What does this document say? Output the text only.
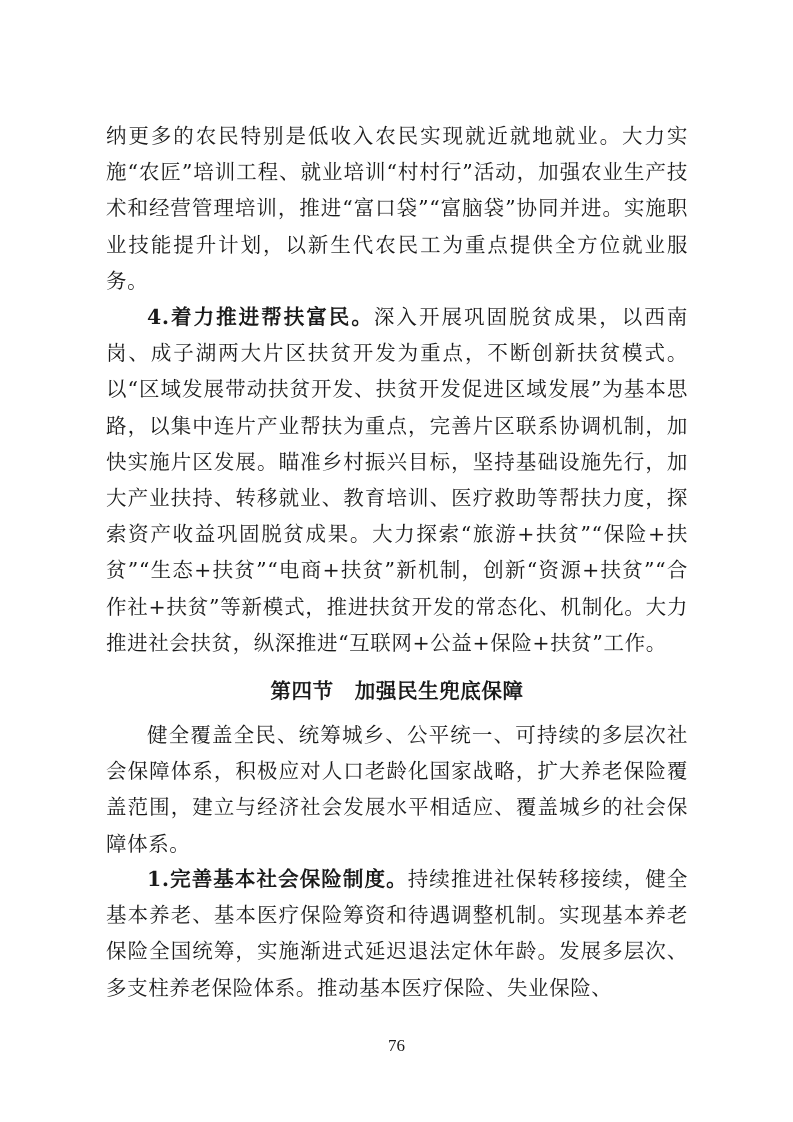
纳更多的农民特别是低收入农民实现就近就地就业。大力实施“农匠”培训工程、就业培训“村村行”活动，加强农业生产技术和经营管理培训，推进“富口袋”“富脑袋”协同并进。实施职业技能提升计划，以新生代农民工为重点提供全方位就业服务。

4.着力推进帮扶富民。深入开展巩固脱贫成果，以西南岗、成子湖两大片区扶贫开发为重点，不断创新扶贫模式。以“区域发展带动扶贫开发、扶贫开发促进区域发展”为基本思路，以集中连片产业帮扶为重点，完善片区联系协调机制，加快实施片区发展。瞄准乡村振兴目标，坚持基础设施先行，加大产业扶持、转移就业、教育培训、医疗救助等帮扶力度，探索资产收益巩固脱贫成果。大力探索“旅游+扶贫”“保险+扶贫”“生态+扶贫”“电商+扶贫”新机制，创新“资源+扶贫”“合作社+扶贫”等新模式，推进扶贫开发的常态化、机制化。大力推进社会扶贫，纵深推进“互联网+公益+保险+扶贫”工作。

第四节　加强民生兜底保障

健全覆盖全民、统筹城乡、公平统一、可持续的多层次社会保障体系，积极应对人口老龄化国家战略，扩大养老保险覆盖范围，建立与经济社会发展水平相适应、覆盖城乡的社会保障体系。

1.完善基本社会保险制度。持续推进社保转移接续，健全基本养老、基本医疗保险筹资和待遇调整机制。实现基本养老保险全国统筹，实施渐进式延迟退法定休年龄。发展多层次、多支柱养老保险体系。推动基本医疗保险、失业保险、

76
